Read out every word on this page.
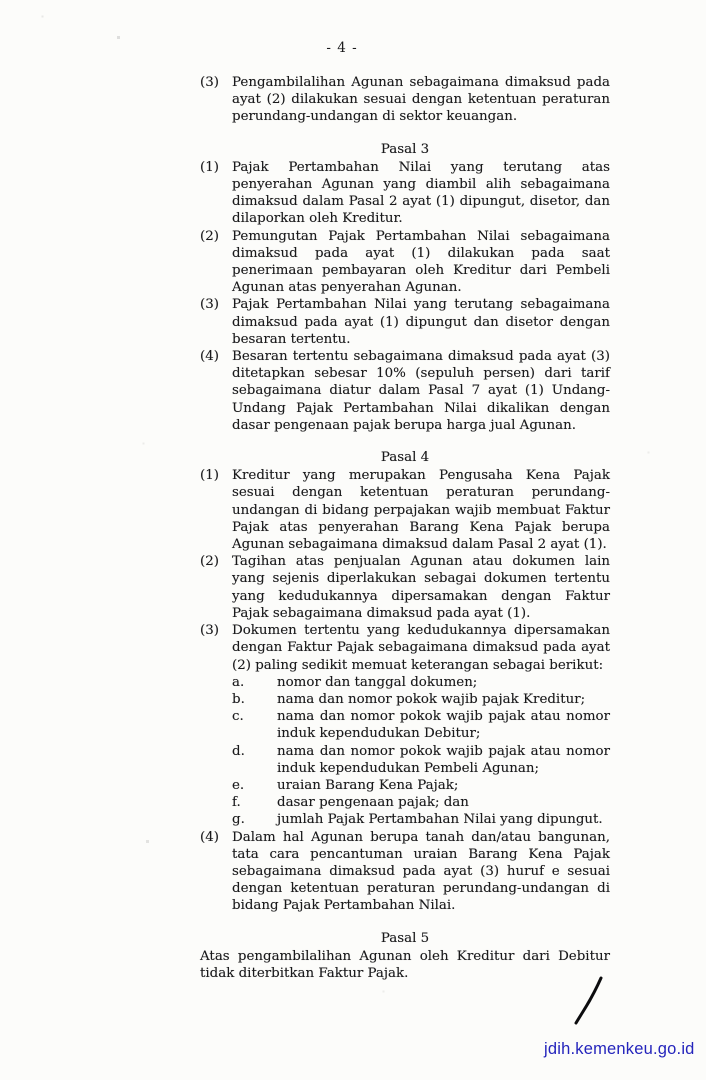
- 4 -
(3) Pengambilalihan Agunan sebagaimana dimaksud pada ayat (2) dilakukan sesuai dengan ketentuan peraturan perundang-undangan di sektor keuangan.
Pasal 3
(1) Pajak Pertambahan Nilai yang terutang atas penyerahan Agunan yang diambil alih sebagaimana dimaksud dalam Pasal 2 ayat (1) dipungut, disetor, dan dilaporkan oleh Kreditur.
(2) Pemungutan Pajak Pertambahan Nilai sebagaimana dimaksud pada ayat (1) dilakukan pada saat penerimaan pembayaran oleh Kreditur dari Pembeli Agunan atas penyerahan Agunan.
(3) Pajak Pertambahan Nilai yang terutang sebagaimana dimaksud pada ayat (1) dipungut dan disetor dengan besaran tertentu.
(4) Besaran tertentu sebagaimana dimaksud pada ayat (3) ditetapkan sebesar 10% (sepuluh persen) dari tarif sebagaimana diatur dalam Pasal 7 ayat (1) Undang-Undang Pajak Pertambahan Nilai dikalikan dengan dasar pengenaan pajak berupa harga jual Agunan.
Pasal 4
(1) Kreditur yang merupakan Pengusaha Kena Pajak sesuai dengan ketentuan peraturan perundang-undangan di bidang perpajakan wajib membuat Faktur Pajak atas penyerahan Barang Kena Pajak berupa Agunan sebagaimana dimaksud dalam Pasal 2 ayat (1).
(2) Tagihan atas penjualan Agunan atau dokumen lain yang sejenis diperlakukan sebagai dokumen tertentu yang kedudukannya dipersamakan dengan Faktur Pajak sebagaimana dimaksud pada ayat (1).
(3) Dokumen tertentu yang kedudukannya dipersamakan dengan Faktur Pajak sebagaimana dimaksud pada ayat (2) paling sedikit memuat keterangan sebagai berikut:
a.	nomor dan tanggal dokumen;
b.	nama dan nomor pokok wajib pajak Kreditur;
c.	nama dan nomor pokok wajib pajak atau nomor induk kependudukan Debitur;
d.	nama dan nomor pokok wajib pajak atau nomor induk kependudukan Pembeli Agunan;
e.	uraian Barang Kena Pajak;
f.	dasar pengenaan pajak; dan
g.	jumlah Pajak Pertambahan Nilai yang dipungut.
(4) Dalam hal Agunan berupa tanah dan/atau bangunan, tata cara pencantuman uraian Barang Kena Pajak sebagaimana dimaksud pada ayat (3) huruf e sesuai dengan ketentuan peraturan perundang-undangan di bidang Pajak Pertambahan Nilai.
Pasal 5
Atas pengambilalihan Agunan oleh Kreditur dari Debitur tidak diterbitkan Faktur Pajak.
jdih.kemenkeu.go.id
